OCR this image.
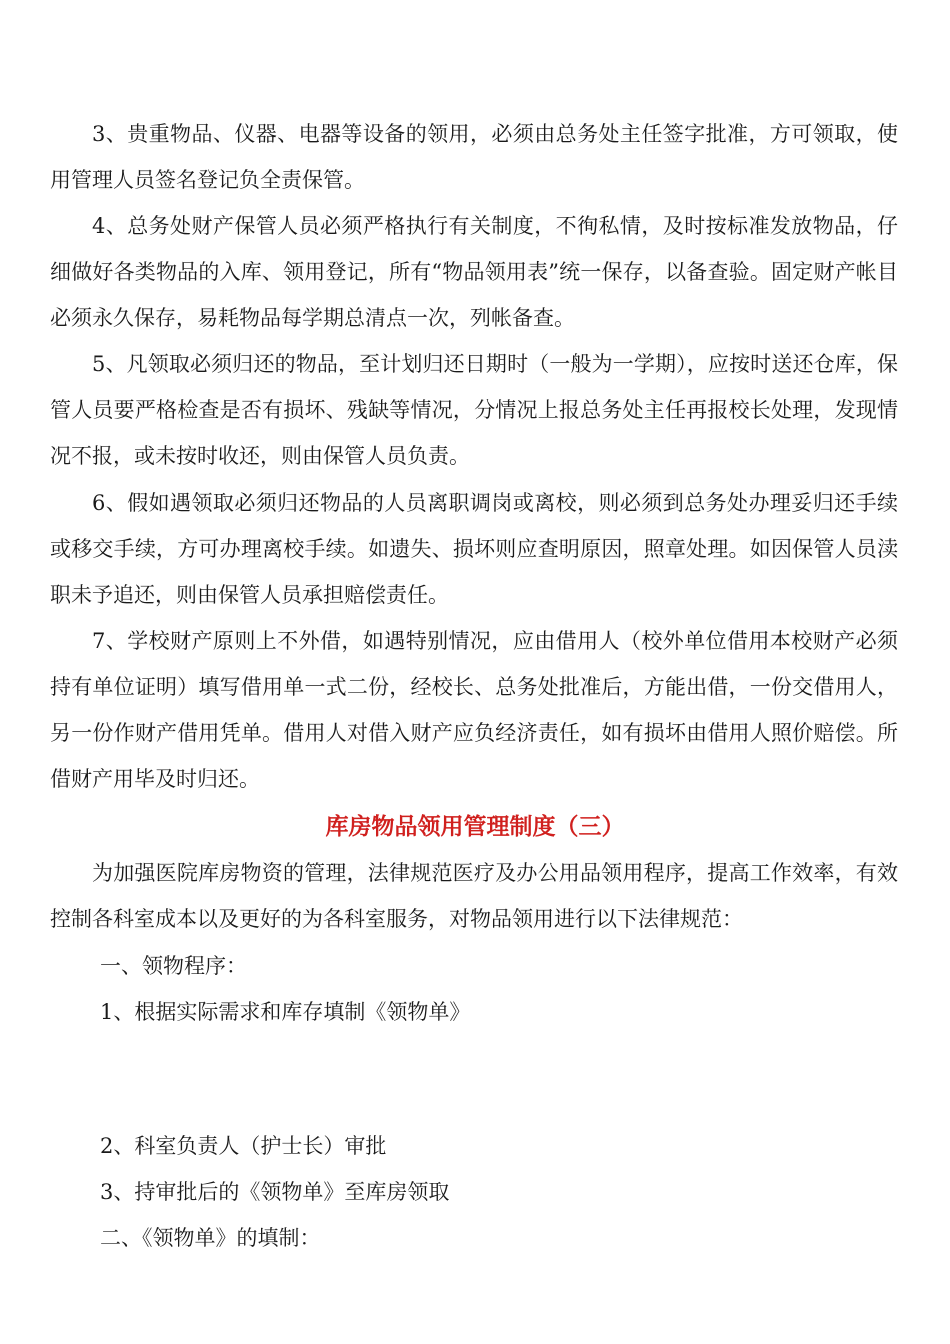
3、贵重物品、仪器、电器等设备的领用，必须由总务处主任签字批准，方可领取，使用管理人员签名登记负全责保管。

4、总务处财产保管人员必须严格执行有关制度，不徇私情，及时按标准发放物品，仔细做好各类物品的入库、领用登记，所有“物品领用表”统一保存，以备查验。固定财产帐目必须永久保存，易耗物品每学期总清点一次，列帐备查。

5、凡领取必须归还的物品，至计划归还日期时（一般为一学期），应按时送还仓库，保管人员要严格检查是否有损坏、残缺等情况，分情况上报总务处主任再报校长处理，发现情况不报，或未按时收还，则由保管人员负责。

6、假如遇领取必须归还物品的人员离职调岗或离校，则必须到总务处办理妥归还手续或移交手续，方可办理离校手续。如遗失、损坏则应查明原因，照章处理。如因保管人员渎职未予追还，则由保管人员承担赔偿责任。

7、学校财产原则上不外借，如遇特别情况，应由借用人（校外单位借用本校财产必须持有单位证明）填写借用单一式二份，经校长、总务处批准后，方能出借，一份交借用人，另一份作财产借用凭单。借用人对借入财产应负经济责任，如有损坏由借用人照价赔偿。所借财产用毕及时归还。

库房物品领用管理制度（三）

为加强医院库房物资的管理，法律规范医疗及办公用品领用程序，提高工作效率，有效控制各科室成本以及更好的为各科室服务，对物品领用进行以下法律规范：

一、领物程序：

1、根据实际需求和库存填制《领物单》

2、科室负责人（护士长）审批

3、持审批后的《领物单》至库房领取

二、《领物单》的填制：
